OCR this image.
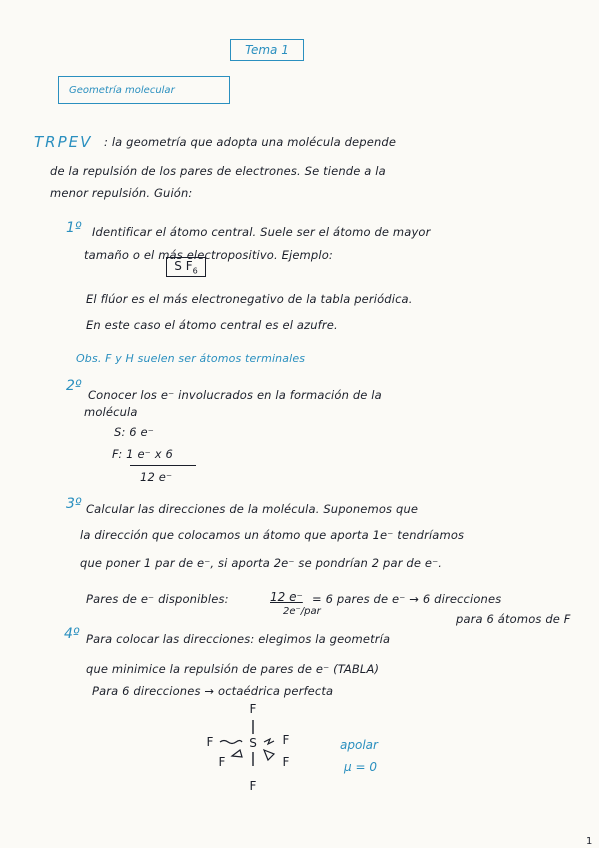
Tema 1
Geometría molecular
TRPEV : la geometría que adopta una molécula depende
de la repulsión de los pares de electrones. Se tiende a la
menor repulsión. Guión:
1º Identificar el átomo central. Suele ser el átomo de mayor
tamaño o el más electropositivo. Ejemplo:
S $F_6$
El flúor es el más electronegativo de la tabla periódica.
En este caso el átomo central es el azufre.
Obs. F y H suelen ser átomos terminales
2º
Conocer los e⁻ involucrados en la formación de la
molécula
S: 6 e⁻
F: 1 e⁻ x 6
12 e⁻
3º Calcular las direcciones de la molécula. Suponemos que
la dirección que colocamos un átomo que aporta 1e⁻ tendríamos
que poner 1 par de e⁻, si aporta 2e⁻ se pondrían 2 par de e⁻.
Pares de e⁻ disponibles:	12 e⁻
2e⁻/par
= 6 pares de e⁻ → 6 direcciones
para 6 átomos de F
4º Para colocar las direcciones: elegimos la geometría
que minimice la repulsión de pares de e⁻ (TABLA)
Para 6 direcciones → octaédrica perfecta
F
S
F	F
F	F
F
apolar
μ = 0
1
